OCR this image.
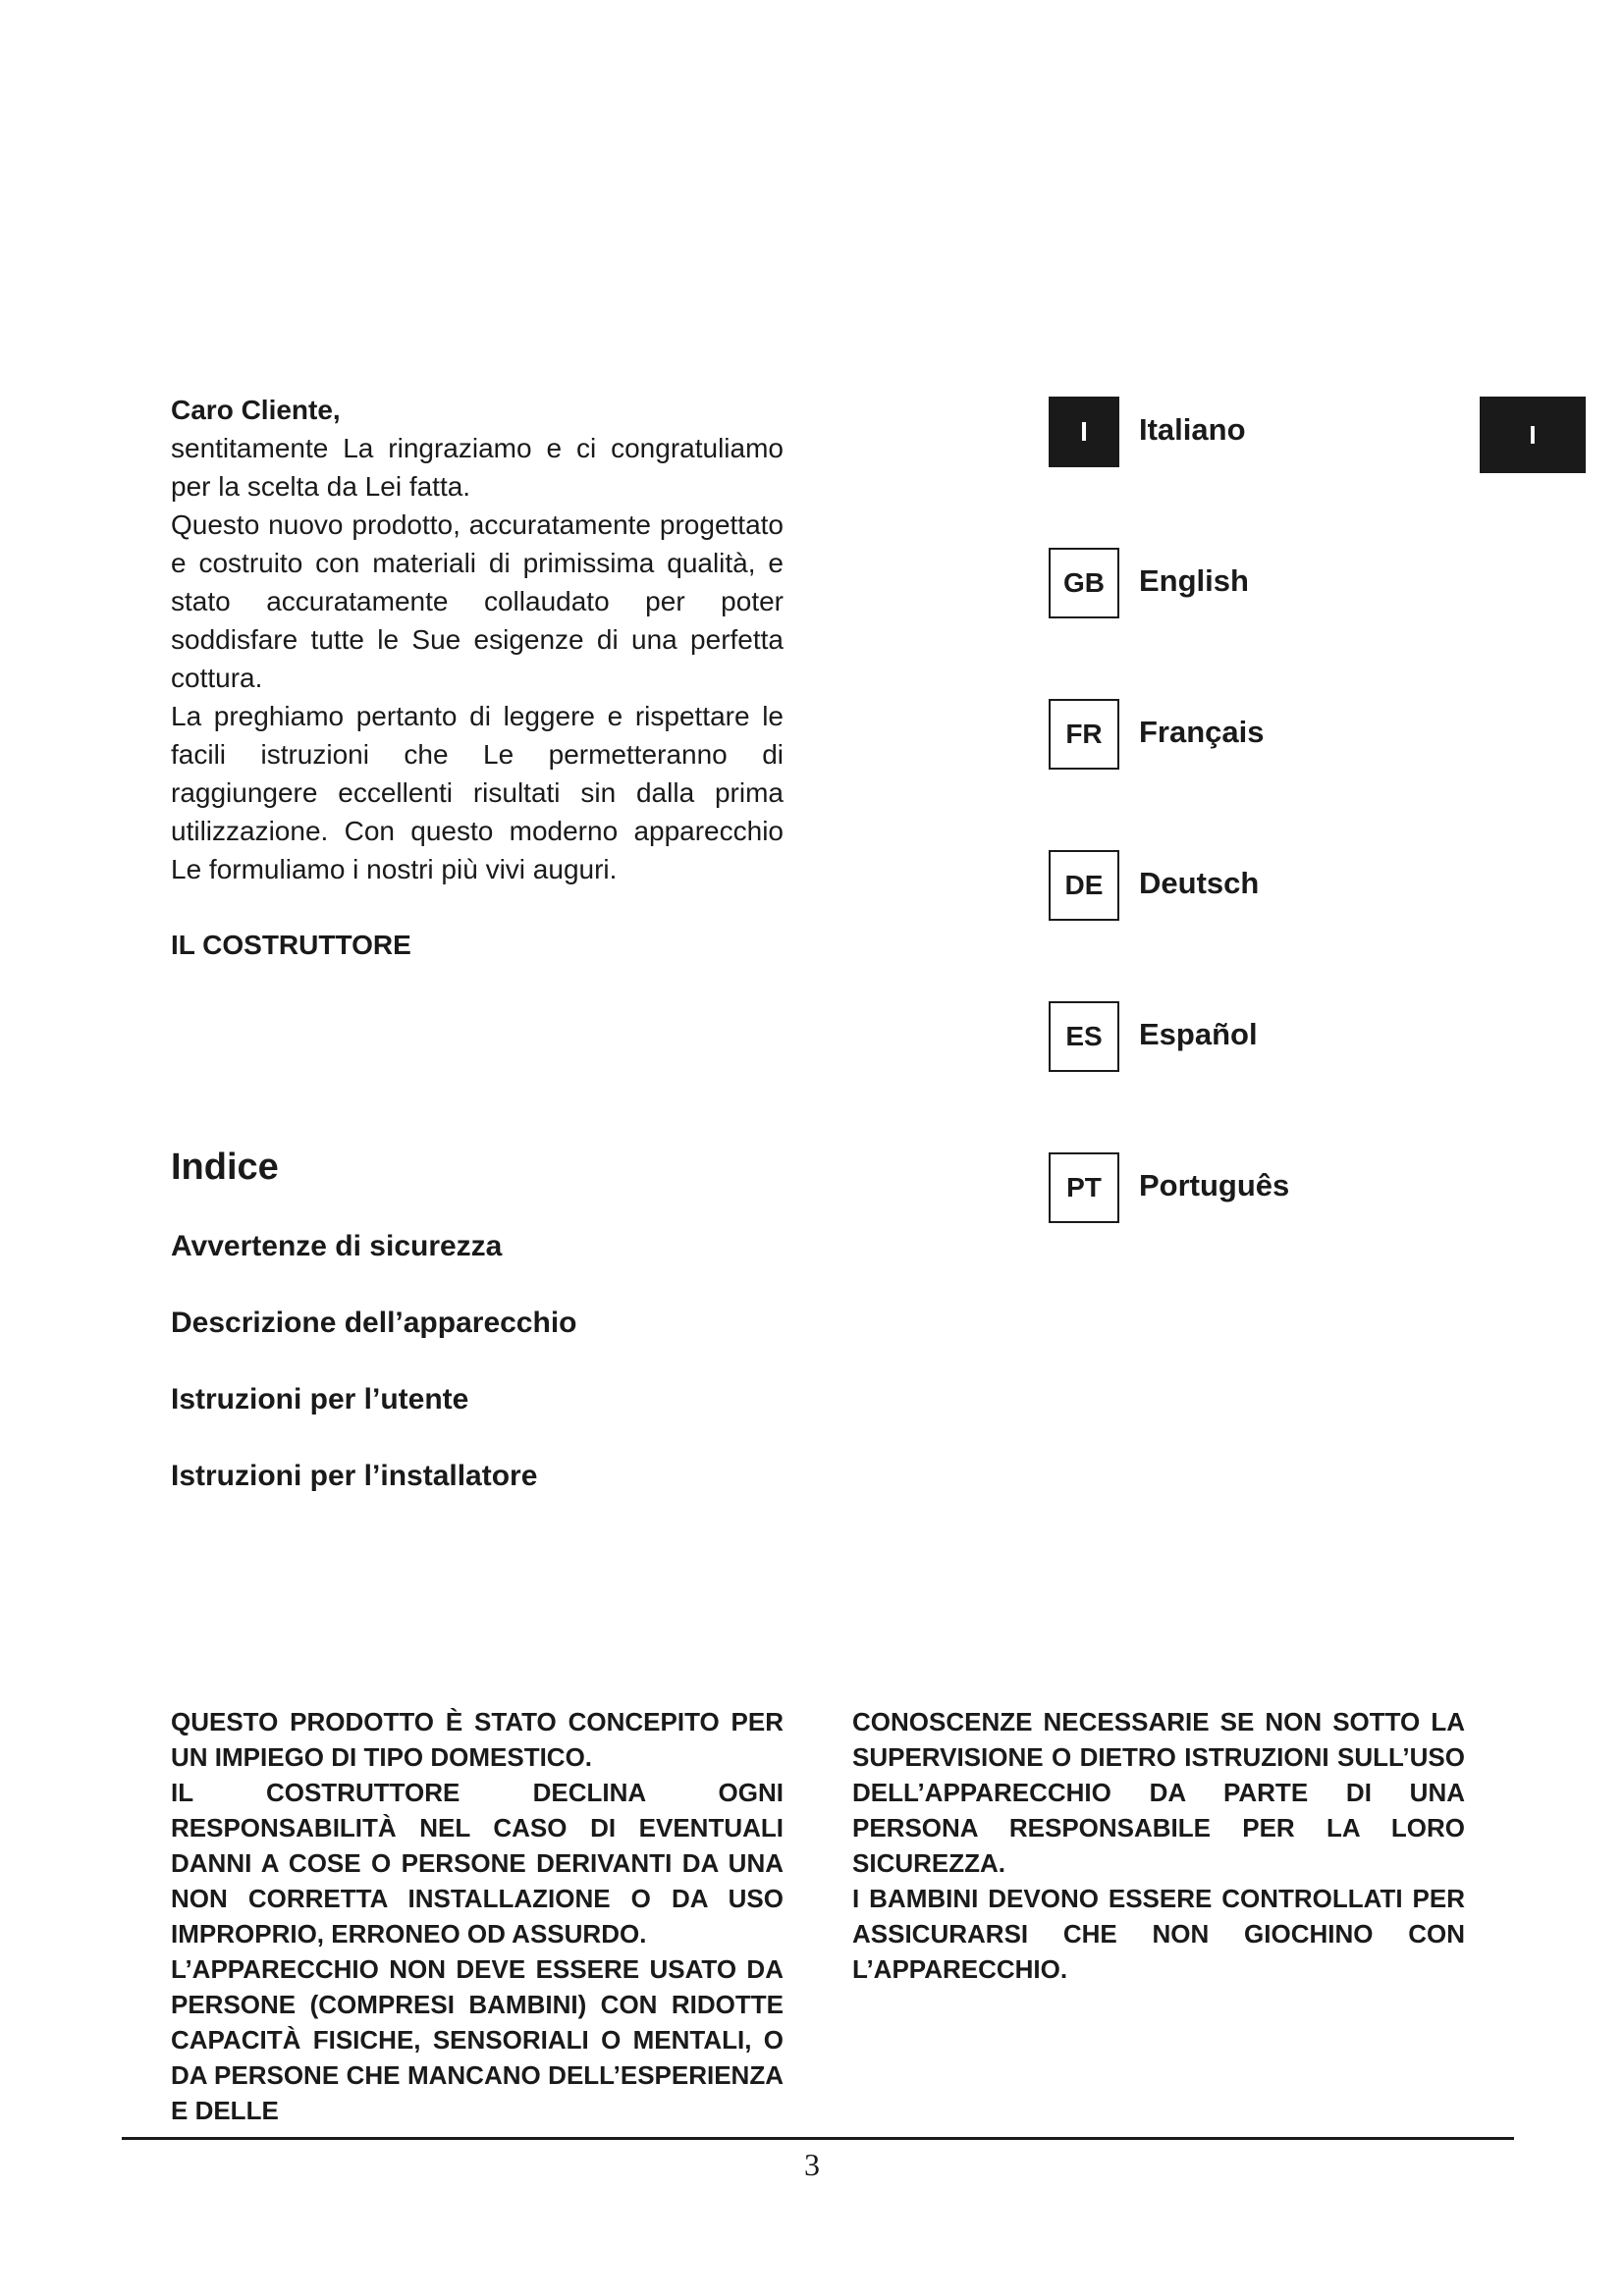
Caro Cliente,

sentitamente La ringraziamo e ci congratuliamo per la scelta da Lei fatta.

Questo nuovo prodotto, accuratamente progettato e costruito con materiali di primissima qualità, e stato accuratamente collaudato per poter soddisfare tutte le Sue esigenze di una perfetta cottura.

La preghiamo pertanto di leggere e rispettare le facili istruzioni che Le permetteranno di raggiungere eccellenti risultati sin dalla prima utilizzazione. Con questo moderno apparecchio Le formuliamo i nostri più vivi auguri.

IL COSTRUTTORE

Indice
Avvertenze di sicurezza
Descrizione dell’apparecchio
Istruzioni per l’utente
Istruzioni per l’installatore
I	Italiano
GB	English
FR	Français
DE	Deutsch
ES	Español
PT	Português
I

QUESTO PRODOTTO È STATO CONCEPITO PER UN IMPIEGO DI TIPO DOMESTICO.

IL COSTRUTTORE DECLINA OGNI RESPONSABILITÀ NEL CASO DI EVENTUALI DANNI A COSE O PERSONE DERIVANTI DA UNA NON CORRETTA INSTALLAZIONE O DA USO IMPROPRIO, ERRONEO OD ASSURDO.

L’APPARECCHIO NON DEVE ESSERE USATO DA PERSONE (COMPRESI BAMBINI) CON RIDOTTE CAPACITÀ FISICHE, SENSORIALI O MENTALI, O DA PERSONE CHE MANCANO DELL’ESPERIENZA E DELLE

CONOSCENZE NECESSARIE SE NON SOTTO LA SUPERVISIONE O DIETRO ISTRUZIONI SULL’USO DELL’APPARECCHIO DA PARTE DI UNA PERSONA RESPONSABILE PER LA LORO SICUREZZA.

I BAMBINI DEVONO ESSERE CONTROLLATI PER ASSICURARSI CHE NON GIOCHINO CON L’APPARECCHIO.

3
